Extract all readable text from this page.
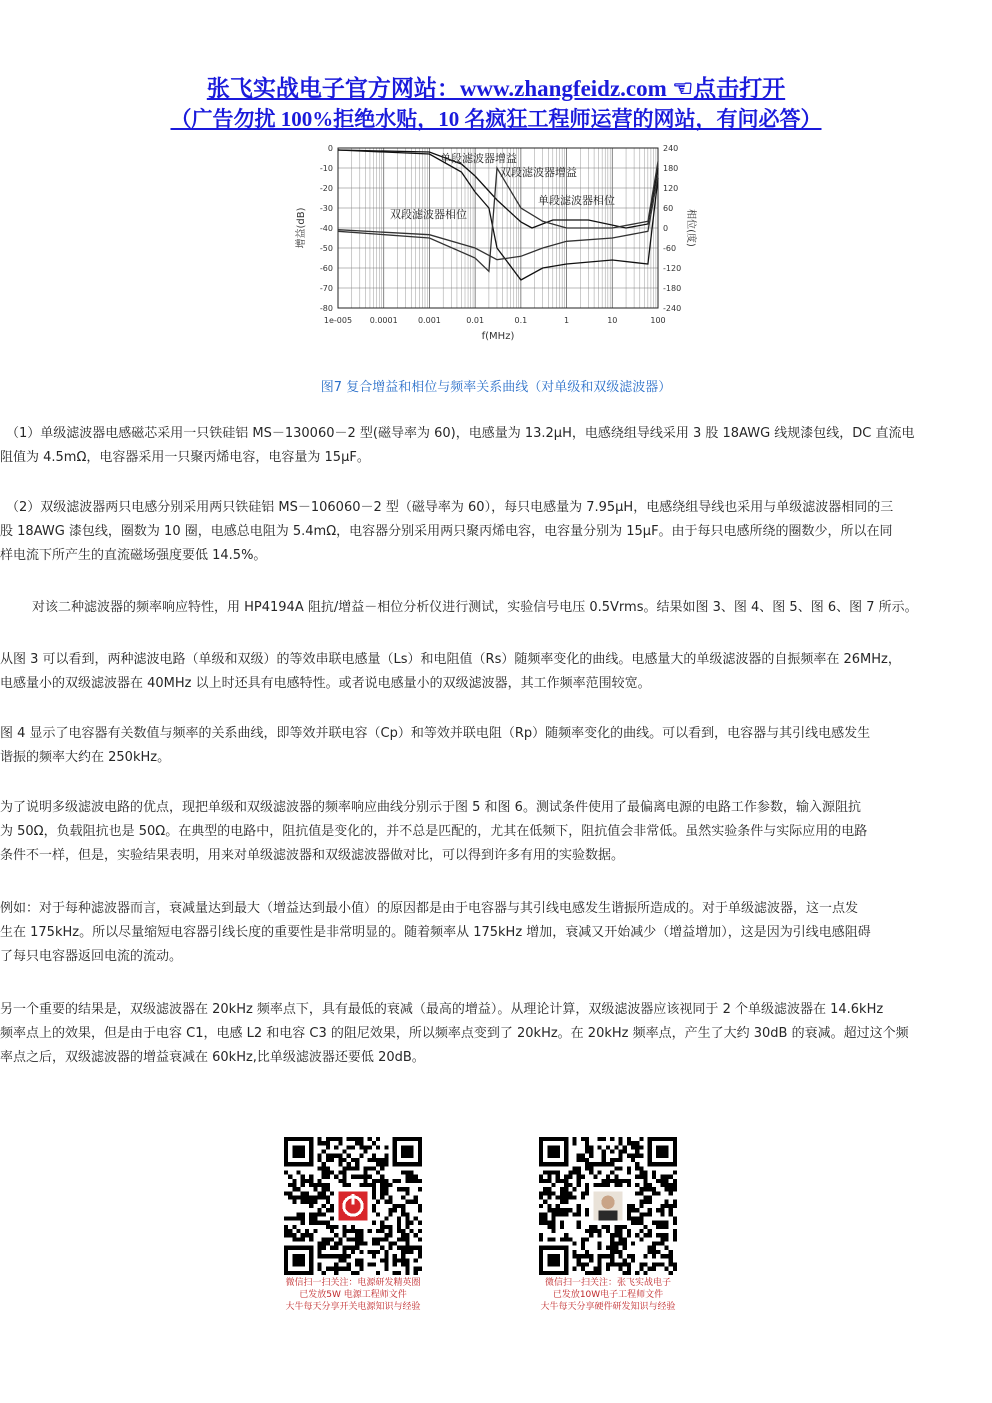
张飞实战电子官方网站：www.zhangfeidz.com ☜点击打开
（广告勿扰 100%拒绝水贴，10 名疯狂工程师运营的网站，有问必答）
0
-10
-20
-30
-40
-50
-60
-70
-80
240
180
120
60
0
-60
-120
-180
-240
1e-005 0.0001	0.001	0.01	0.1	1	10	100
增益(dB)	相位(度)
f(MHz)
单段滤波器增益
双段滤波器增益
单段滤波器相位
双段滤波器相位
图7 复合增益和相位与频率关系曲线（对单级和双级滤波器）
（1）单级滤波器电感磁芯采用一只铁硅铝 MS－130060－2 型(磁导率为 60)，电感量为 13.2μH，电感绕组导线采用 3 股 18AWG 线规漆包线，DC 直流电
阻值为 4.5mΩ，电容器采用一只聚丙烯电容，电容量为 15μF。
（2）双级滤波器两只电感分别采用两只铁硅铝 MS－106060－2 型（磁导率为 60），每只电感量为 7.95μH，电感绕组导线也采用与单级滤波器相同的三
股 18AWG 漆包线，圈数为 10 圈，电感总电阻为 5.4mΩ，电容器分别采用两只聚丙烯电容，电容量分别为 15μF。由于每只电感所绕的圈数少，所以在同
样电流下所产生的直流磁场强度要低 14.5%。
对该二种滤波器的频率响应特性，用 HP4194A 阻抗/增益－相位分析仪进行测试，实验信号电压 0.5Vrms。结果如图 3、图 4、图 5、图 6、图 7 所示。
从图 3 可以看到，两种滤波电路（单级和双级）的等效串联电感量（Ls）和电阻值（Rs）随频率变化的曲线。电感量大的单级滤波器的自振频率在 26MHz，
电感量小的双级滤波器在 40MHz 以上时还具有电感特性。或者说电感量小的双级滤波器，其工作频率范围较宽。
图 4 显示了电容器有关数值与频率的关系曲线，即等效并联电容（Cp）和等效并联电阻（Rp）随频率变化的曲线。可以看到，电容器与其引线电感发生
谐振的频率大约在 250kHz。
为了说明多级滤波电路的优点，现把单级和双级滤波器的频率响应曲线分别示于图 5 和图 6。测试条件使用了最偏离电源的电路工作参数，输入源阻抗
为 50Ω，负载阻抗也是 50Ω。在典型的电路中，阻抗值是变化的，并不总是匹配的，尤其在低频下，阻抗值会非常低。虽然实验条件与实际应用的电路
条件不一样，但是，实验结果表明，用来对单级滤波器和双级滤波器做对比，可以得到许多有用的实验数据。
例如：对于每种滤波器而言，衰减量达到最大（增益达到最小值）的原因都是由于电容器与其引线电感发生谐振所造成的。对于单级滤波器，这一点发
生在 175kHz。所以尽量缩短电容器引线长度的重要性是非常明显的。随着频率从 175kHz 增加，衰减又开始减少（增益增加），这是因为引线电感阻碍
了每只电容器返回电流的流动。
另一个重要的结果是，双级滤波器在 20kHz 频率点下，具有最低的衰减（最高的增益）。从理论计算，双级滤波器应该视同于 2 个单级滤波器在 14.6kHz
频率点上的效果，但是由于电容 C1，电感 L2 和电容 C3 的阻尼效果，所以频率点变到了 20kHz。在 20kHz 频率点，产生了大约 30dB 的衰减。超过这个频
率点之后，双级滤波器的增益衰减在 60kHz,比单级滤波器还要低 20dB。
微信扫一扫关注：电源研发精英圈
已发放5W 电源工程师文件
大牛每天分享开关电源知识与经验
微信扫一扫关注：张飞实战电子
已发放10W电子工程师文件
大牛每天分享硬件研发知识与经验
